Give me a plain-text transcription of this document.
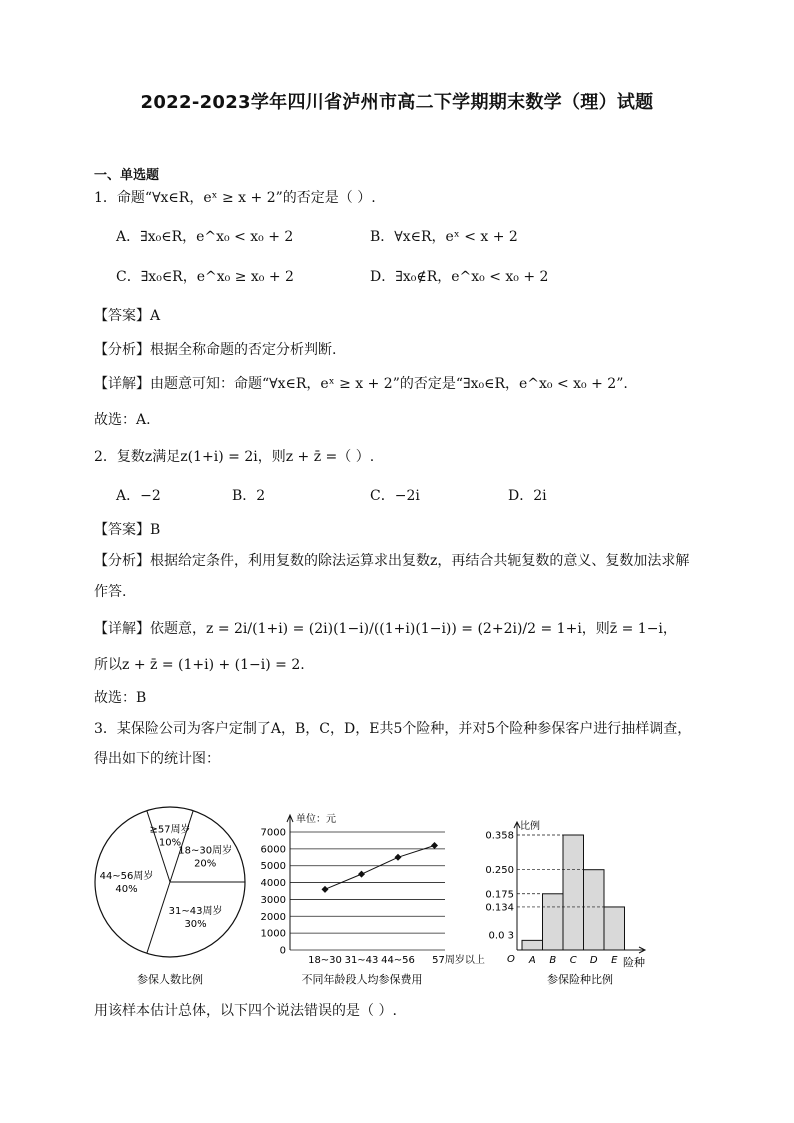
2022-2023学年四川省泸州市高二下学期期末数学（理）试题
一、单选题
1．命题“∀x∈R，eˣ ≥ x + 2”的否定是（ ）.
A．∃x₀∈R，e^x₀ < x₀ + 2	B．∀x∈R，eˣ < x + 2
C．∃x₀∈R，e^x₀ ≥ x₀ + 2	D．∃x₀∉R，e^x₀ < x₀ + 2
【答案】A
【分析】根据全称命题的否定分析判断.
【详解】由题意可知：命题“∀x∈R，eˣ ≥ x + 2”的否定是“∃x₀∈R，e^x₀ < x₀ + 2”.
故选：A.
2．复数z满足z(1+i) = 2i，则z + z̄ =（ ）.
A．−2	B．2	C．−2i	D．2i
【答案】B
【分析】根据给定条件，利用复数的除法运算求出复数z，再结合共轭复数的意义、复数加法求解
作答.
【详解】依题意，z = 2i/(1+i) = (2i)(1−i)/((1+i)(1−i)) = (2+2i)/2 = 1+i，则z̄ = 1−i，
所以z + z̄ = (1+i) + (1−i) = 2.
故选：B
3．某保险公司为客户定制了A，B，C，D，E共5个险种，并对5个险种参保客户进行抽样调查，
得出如下的统计图：
≥57周岁
10%
18~30周岁
20%
31~43周岁
30%
44~56周岁
40%
参保人数比例
0
1000
2000
3000
4000
5000
6000
7000
单位：元
18~30 31~43 44~56 57周岁以上
不同年龄段人均参保费用
比例
险种
O A B C D E
0.0 3
0.134
0.175
0.250
0.358
参保险种比例
用该样本估计总体，以下四个说法错误的是（ ）.
